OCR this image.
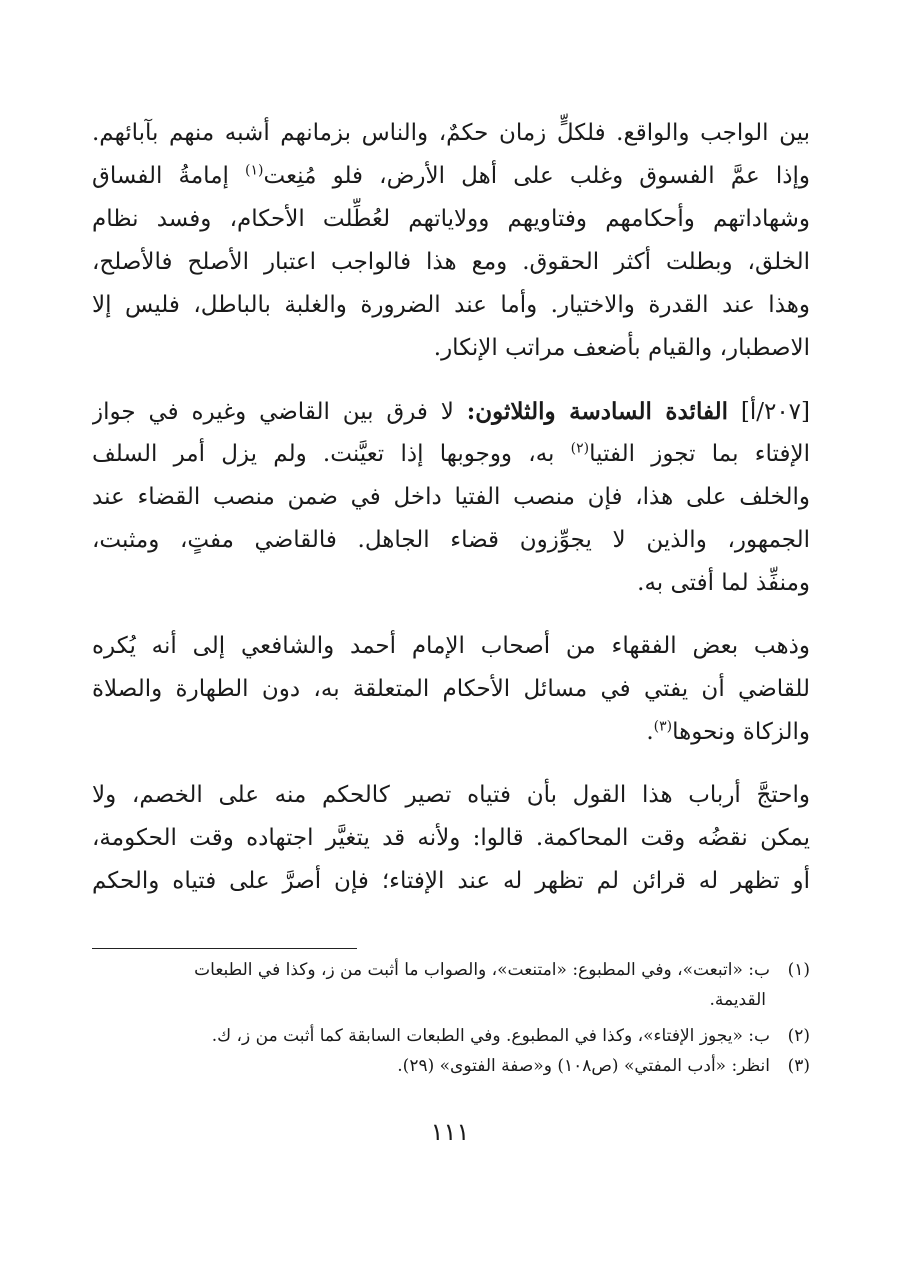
بين الواجب والواقع. فلكلٍّ زمان حكمٌ، والناس بزمانهم أشبه منهم بآبائهم.
وإذا عمَّ الفسوق وغلب على أهل الأرض، فلو مُنِعت$^{(١)}$ إمامةُ الفساق
وشهاداتهم وأحكامهم وفتاويهم وولاياتهم لعُطِّلت الأحكام، وفسد نظام
الخلق، وبطلت أكثر الحقوق. ومع هذا فالواجب اعتبار الأصلح فالأصلح،
وهذا عند القدرة والاختيار. وأما عند الضرورة والغلبة بالباطل، فليس إلا
الاصطبار، والقيام بأضعف مراتب الإنكار.
[٢٠٧/أ] الفائدة السادسة والثلاثون: لا فرق بين القاضي وغيره في جواز
الإفتاء بما تجوز الفتيا$^{(٢)}$ به، ووجوبها إذا تعيَّنت. ولم يزل أمر السلف
والخلف على هذا، فإن منصب الفتيا داخل في ضمن منصب القضاء عند
الجمهور، والذين لا يجوِّزون قضاء الجاهل. فالقاضي مفتٍ، ومثبت،
ومنفِّذ لما أفتى به.
وذهب بعض الفقهاء من أصحاب الإمام أحمد والشافعي إلى أنه يُكره
للقاضي أن يفتي في مسائل الأحكام المتعلقة به، دون الطهارة والصلاة
والزكاة ونحوها$^{(٣)}$.
واحتجَّ أرباب هذا القول بأن فتياه تصير كالحكم منه على الخصم، ولا
يمكن نقضُه وقت المحاكمة. قالوا: ولأنه قد يتغيَّر اجتهاده وقت الحكومة،
أو تظهر له قرائن لم تظهر له عند الإفتاء؛ فإن أصرَّ على فتياه والحكم
(١)ب: «اتبعت»، وفي المطبوع: «امتنعت»، والصواب ما أثبت من ز، وكذا في الطبعات
القديمة.
(٢)ب: «يجوز الإفتاء»، وكذا في المطبوع. وفي الطبعات السابقة كما أثبت من ز، ك.
(٣)انظر: «أدب المفتي» (ص١٠٨) و«صفة الفتوى» (٢٩).
١١١
